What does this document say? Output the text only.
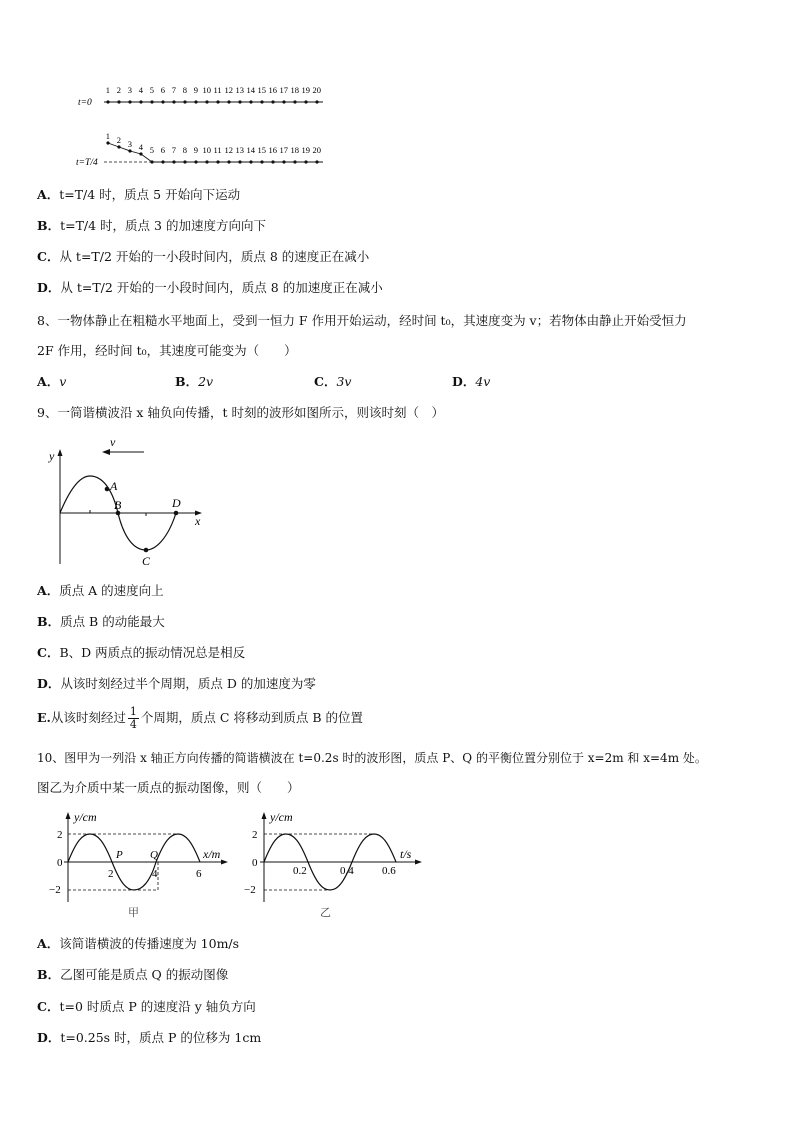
1 2 3 4 5 6 7 8 9 10 11 12 13 14 15 16 17 18 19 20
t=0
1 2 3 4 5 6 7 8 9 10 11 12 13 14 15 16 17 18 19 20
t=T/4
A．t=T/4 时，质点 5 开始向下运动
B．t=T/4 时，质点 3 的加速度方向向下
C．从 t=T/2 开始的一小段时间内，质点 8 的速度正在减小
D．从 t=T/2 开始的一小段时间内，质点 8 的加速度正在减小
8、一物体静止在粗糙水平地面上，受到一恒力 F 作用开始运动，经时间 t₀，其速度变为 v；若物体由静止开始受恒力
2F 作用，经时间 t₀，其速度可能变为（　　）
A．v	B．2v	C．3v	D．4v
9、一简谐横波沿 x 轴负向传播，t 时刻的波形如图所示，则该时刻（　）
y
x
v
A
B
C
D
A．质点 A 的速度向上
B．质点 B 的动能最大
C．B、D 两质点的振动情况总是相反
D．从该时刻经过半个周期，质点 D 的加速度为零
E.从该时刻经过 $\frac{1}{4}$ 个周期，质点 C 将移动到质点 B 的位置
10、图甲为一列沿 x 轴正方向传播的简谐横波在 t=0.2s 时的波形图，质点 P、Q 的平衡位置分别位于 x=2m 和 x=4m 处。
图乙为介质中某一质点的振动图像，则（　　）
y/cm
x/m
2
0
−2
2	4	6
P Q
甲
y/cm
t/s
2
0
−2
0.2	0.4	0.6
乙
A．该简谐横波的传播速度为 10m/s
B．乙图可能是质点 Q 的振动图像
C．t=0 时质点 P 的速度沿 y 轴负方向
D．t=0.25s 时，质点 P 的位移为 1cm
